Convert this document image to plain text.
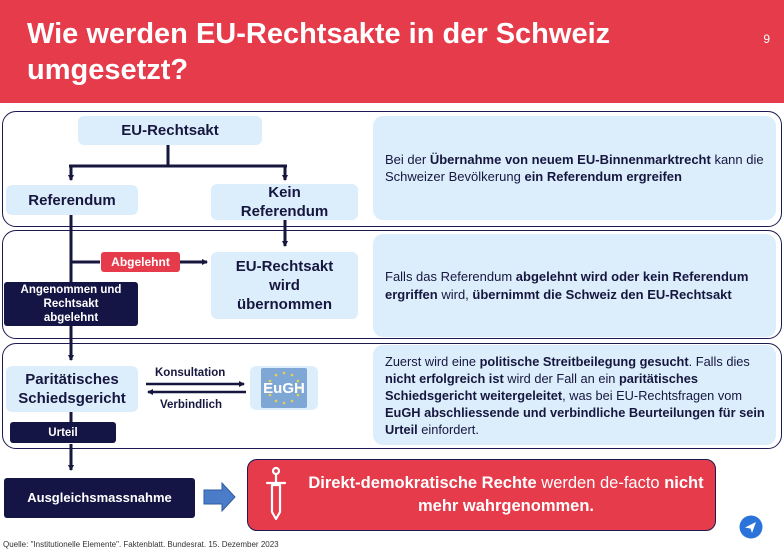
Wie werden EU-Rechtsakte in der Schweiz
umgesetzt?
9
EU-Rechtsakt
Referendum	Kein
Referendum
Abgelehnt
Angenommen und
Rechtsakt
abgelehnt
EU-Rechtsakt
wird
übernommen
Paritätisches
Schiedsgericht
Konsultation
Verbindlich
EuGH
Urteil
Ausgleichsmassnahme

Bei der Übernahme von neuem EU-Binnenmarktrecht kann die Schweizer Bevölkerung ein Referendum ergreifen

Falls das Referendum abgelehnt wird oder kein Referendum ergriffen wird, übernimmt die Schweiz den EU-Rechtsakt

Zuerst wird eine politische Streitbeilegung gesucht. Falls dies nicht erfolgreich ist wird der Fall an ein paritätisches Schiedsgericht weitergeleitet, was bei EU-Rechtsfragen vom EuGH abschliessende und verbindliche Beurteilungen für sein Urteil einfordert.

Direkt-demokratische Rechte werden de-facto nicht mehr wahrgenommen.
Quelle: "Institutionelle Elemente". Faktenblatt. Bundesrat. 15. Dezember 2023
